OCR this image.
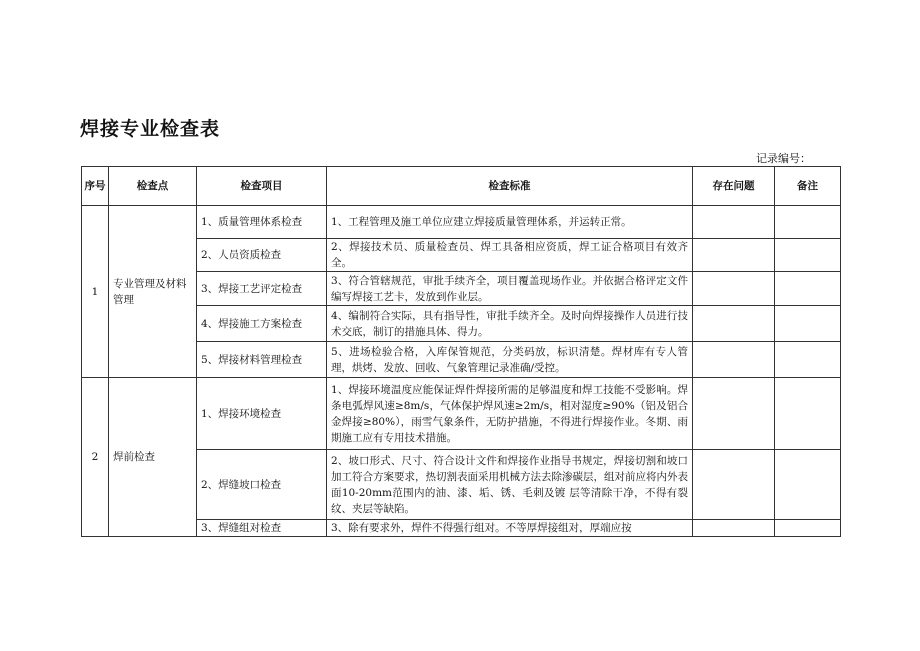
焊接专业检查表
记录编号：
序号	检查点	检查项目	检查标准	存在问题	备注
1	专业管理及材料管理	1、质量管理体系检查	1、工程管理及施工单位应建立焊接质量管理体系，并运转正常。		
		2、人员资质检查	2、焊接技术员、质量检查员、焊工具备相应资质，焊工证合格项目有效齐全。		
		3、焊接工艺评定检查	3、符合管辖规范，审批手续齐全，项目覆盖现场作业。并依据合格评定文件编写焊接工艺卡，发放到作业层。		
		4、焊接施工方案检查	4、编制符合实际，具有指导性，审批手续齐全。及时向焊接操作人员进行技术交底，制订的措施具体、得力。		
		5、焊接材料管理检查	5、进场检验合格，入库保管规范，分类码放，标识清楚。焊材库有专人管理，烘烤、发放、回收、气象管理记录准确/受控。		
2	焊前检查	1、焊接环境检查	1、焊接环境温度应能保证焊件焊接所需的足够温度和焊工技能不受影响。焊条电弧焊风速≥8m/s，气体保护焊风速≥2m/s，相对湿度≥90%（铝及铝合金焊接≥80%），雨雪气象条件，无防护措施，不得进行焊接作业。冬期、雨期施工应有专用技术措施。		
		2、焊缝坡口检查	2、坡口形式、尺寸、符合设计文件和焊接作业指导书规定，焊接切割和坡口加工符合方案要求，热切割表面采用机械方法去除渗碳层，组对前应将内外表面10-20mm范围内的油、漆、垢、锈、毛刺及镀 层等清除干净，不得有裂纹、夹层等缺陷。		
		3、焊缝组对检查	3、除有要求外，焊件不得强行组对。不等厚焊接组对，厚端应按		
